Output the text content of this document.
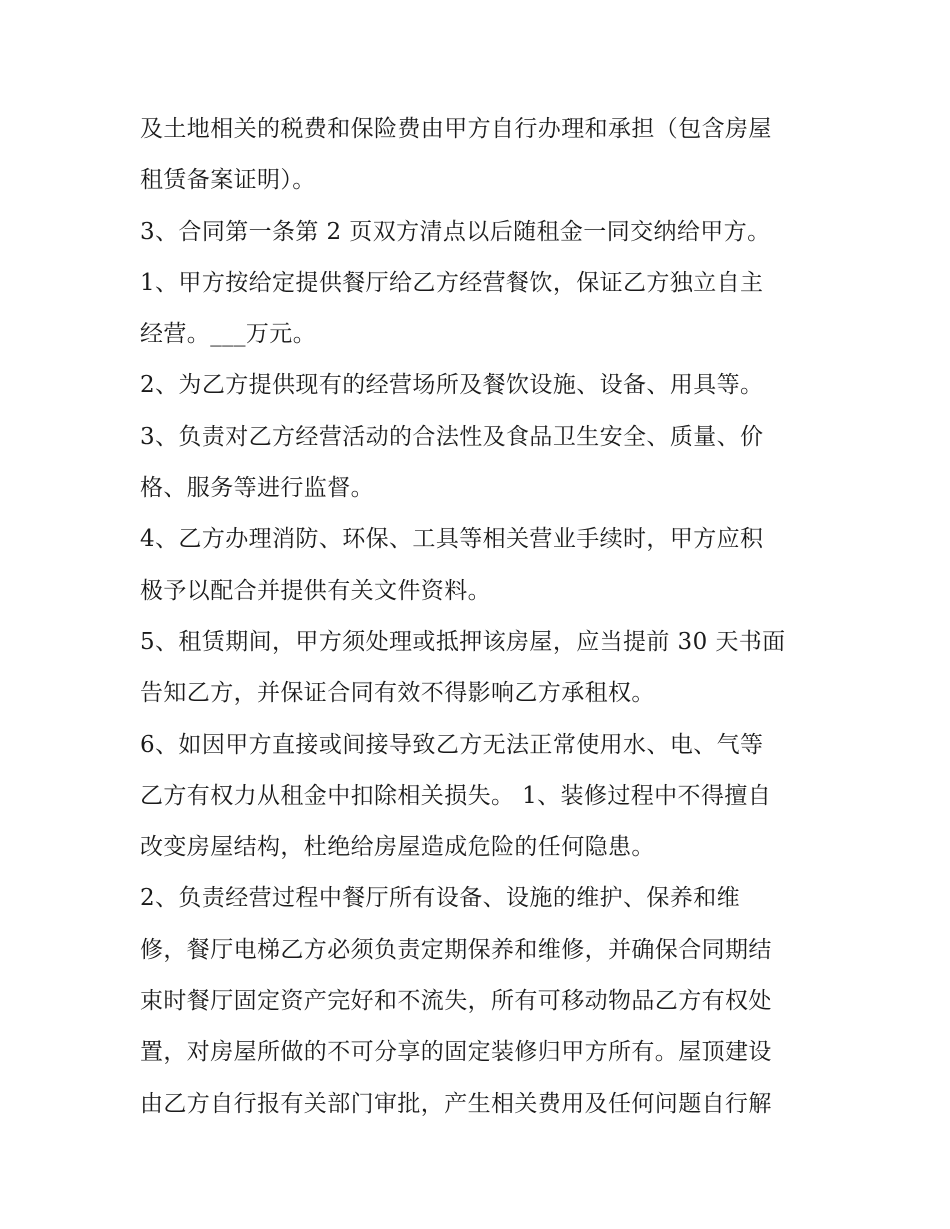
及土地相关的税费和保险费由甲方自行办理和承担（包含房屋
租赁备案证明）。
3、合同第一条第 2 页双方清点以后随租金一同交纳给甲方。
1、甲方按给定提供餐厅给乙方经营餐饮，保证乙方独立自主
经营。___万元。
2、为乙方提供现有的经营场所及餐饮设施、设备、用具等。
3、负责对乙方经营活动的合法性及食品卫生安全、质量、价
格、服务等进行监督。
4、乙方办理消防、环保、工具等相关营业手续时，甲方应积
极予以配合并提供有关文件资料。
5、租赁期间，甲方须处理或抵押该房屋，应当提前 30 天书面
告知乙方，并保证合同有效不得影响乙方承租权。
6、如因甲方直接或间接导致乙方无法正常使用水、电、气等
乙方有权力从租金中扣除相关损失。 1、装修过程中不得擅自
改变房屋结构，杜绝给房屋造成危险的任何隐患。
2、负责经营过程中餐厅所有设备、设施的维护、保养和维
修，餐厅电梯乙方必须负责定期保养和维修，并确保合同期结
束时餐厅固定资产完好和不流失，所有可移动物品乙方有权处
置，对房屋所做的不可分享的固定装修归甲方所有。屋顶建设
由乙方自行报有关部门审批，产生相关费用及任何问题自行解
